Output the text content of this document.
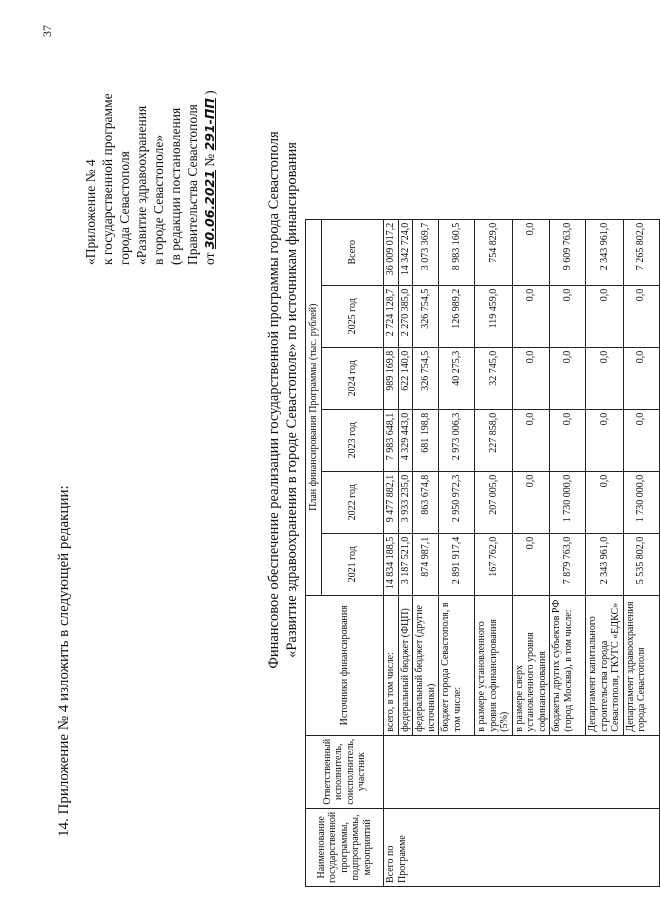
37
14. Приложение № 4 изложить в следующей редакции:
«Приложение № 4 к государственной программе города Севастополя «Развитие здравоохранения в городе Севастополе» (в редакции постановления Правительства Севастополя от 30.06.2021 № 291-ПП )
Финансовое обеспечение реализации государственной программы города Севастополя «Развитие здравоохранения в городе Севастополе» по источникам финансирования
Наименование государственной программы, подпрограммы, мероприятий	Ответственный исполнитель, соисполнитель, участник	Источники финансирования	План финансирования Программы (тыс. рублей)					
			2021 год	2022 год	2023 год	2024 год	2025 год	Всего
Всего по Программе		всего, в том числе:	14 834 188,5	9 477 882,1	7 983 648,1	989 169,8	2 724 128,7	36 009 017,2
		федеральный бюджет (ФЦП)	3 187 521,0	3 933 235,0	4 329 443,0	622 140,0	2 270 385,0	14 342 724,0
		федеральный бюджет (другие источники)	874 987,1	863 674,8	681 198,8	326 754,5	326 754,5	3 073 369,7
		бюджет города Севастополя, в том числе:	2 891 917,4	2 950 972,3	2 973 006,3	40 275,3	126 989,2	8 983 160,5
		в размере установленного уровня софинансирования (5%)	167 762,0	207 005,0	227 858,0	32 745,0	119 459,0	754 829,0
		в размере сверх установленного уровня софинансирования	0,0	0,0	0,0	0,0	0,0	0,0
		бюджеты других субъектов РФ (город Москва), в том числе:	7 879 763,0	1 730 000,0	0,0	0,0	0,0	9 609 763,0
		Департамент капитального строительства города Севастополя, ГКУГС «ЕДКС»	2 343 961,0	0,0	0,0	0,0	0,0	2 343 961,0
		Департамент здравоохранения города Севастополя	5 535 802,0	1 730 000,0	0,0	0,0	0,0	7 265 802,0
